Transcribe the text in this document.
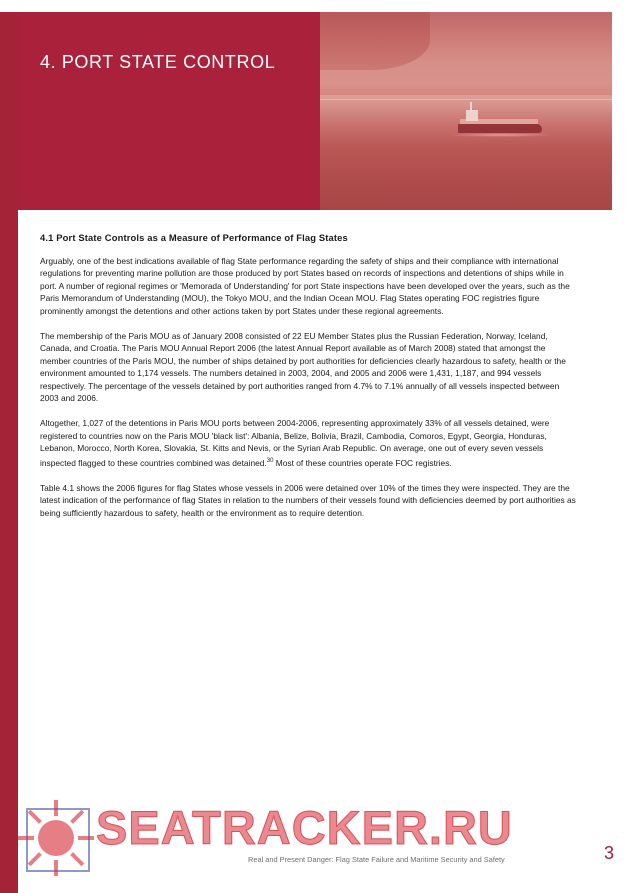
4. PORT STATE CONTROL
4.1 Port State Controls as a Measure of Performance of Flag States

Arguably, one of the best indications available of flag State performance regarding the safety of ships and their compliance with international regulations for preventing marine pollution are those produced by port States based on records of inspections and detentions of ships while in port. A number of regional regimes or 'Memorada of Understanding' for port State inspections have been developed over the years, such as the Paris Memorandum of Understanding (MOU), the Tokyo MOU, and the Indian Ocean MOU. Flag States operating FOC registries figure prominently amongst the detentions and other actions taken by port States under these regional agreements.

The membership of the Paris MOU as of January 2008 consisted of 22 EU Member States plus the Russian Federation, Norway, Iceland, Canada, and Croatia. The Paris MOU Annual Report 2006 (the latest Annual Report available as of March 2008) stated that amongst the member countries of the Paris MOU, the number of ships detained by port authorities for deficiencies clearly hazardous to safety, health or the environment amounted to 1,174 vessels. The numbers detained in 2003, 2004, and 2005 and 2006 were 1,431, 1,187, and 994 vessels respectively. The percentage of the vessels detained by port authorities ranged from 4.7% to 7.1% annually of all vessels inspected between 2003 and 2006.

Altogether, 1,027 of the detentions in Paris MOU ports between 2004-2006, representing approximately 33% of all vessels detained, were registered to countries now on the Paris MOU 'black list': Albania, Belize, Bolivia, Brazil, Cambodia, Comoros, Egypt, Georgia, Honduras, Lebanon, Morocco, North Korea, Slovakia, St. Kitts and Nevis, or the Syrian Arab Republic. On average, one out of every seven vessels inspected flagged to these countries combined was detained.$^{30}$ Most of these countries operate FOC registries.

Table 4.1 shows the 2006 figures for flag States whose vessels in 2006 were detained over 10% of the times they were inspected. They are the latest indication of the performance of flag States in relation to the numbers of their vessels found with deficiencies deemed by port authorities as being sufficiently hazardous to safety, health or the environment as to require detention.

Real and Present Danger: Flag State Failure and Maritime Security and Safety	3
SEATRACKER.RU
